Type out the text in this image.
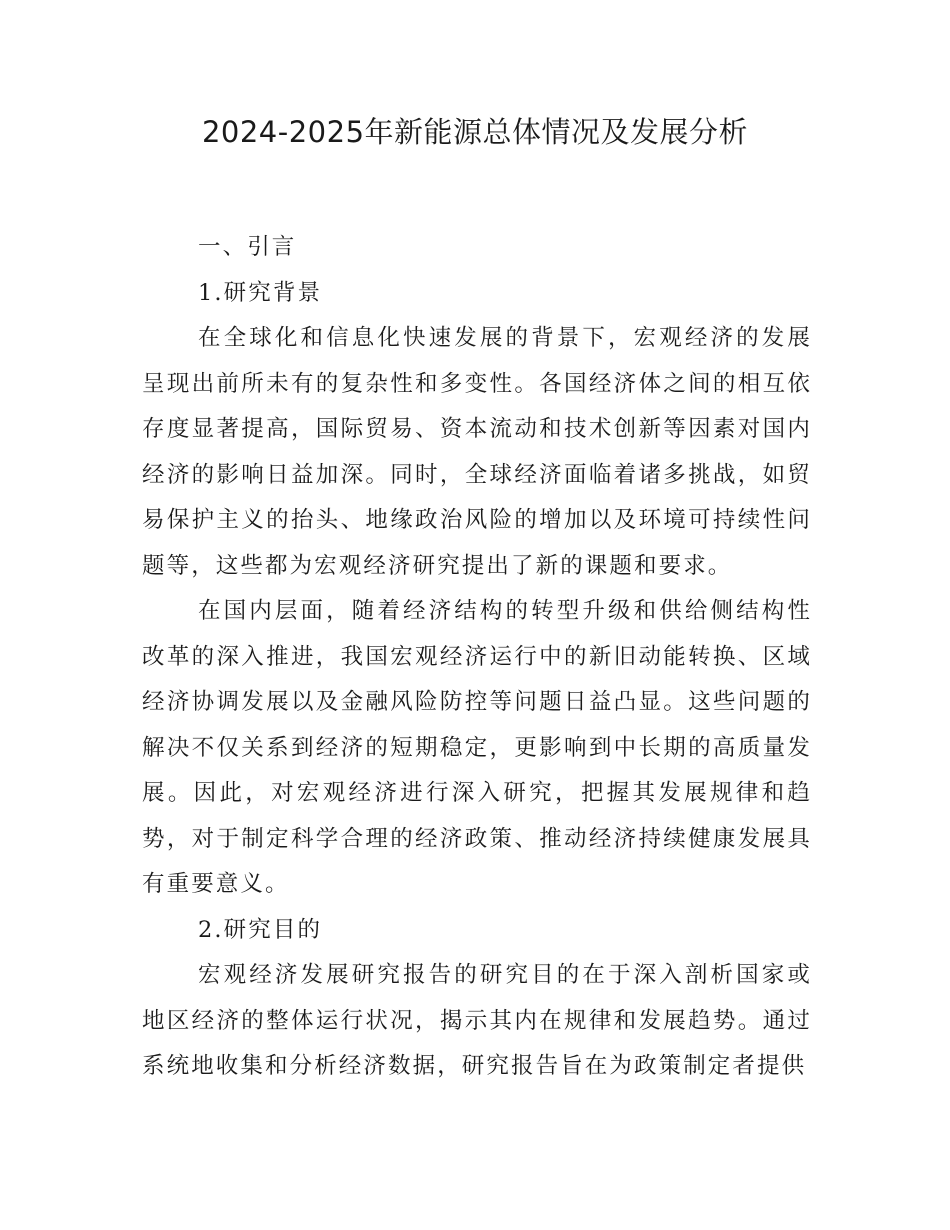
2024-2025年新能源总体情况及发展分析

一、引言

1.研究背景

在全球化和信息化快速发展的背景下，宏观经济的发展呈现出前所未有的复杂性和多变性。各国经济体之间的相互依存度显著提高，国际贸易、资本流动和技术创新等因素对国内经济的影响日益加深。同时，全球经济面临着诸多挑战，如贸易保护主义的抬头、地缘政治风险的增加以及环境可持续性问题等，这些都为宏观经济研究提出了新的课题和要求。

在国内层面，随着经济结构的转型升级和供给侧结构性改革的深入推进，我国宏观经济运行中的新旧动能转换、区域经济协调发展以及金融风险防控等问题日益凸显。这些问题的解决不仅关系到经济的短期稳定，更影响到中长期的高质量发展。因此，对宏观经济进行深入研究，把握其发展规律和趋势，对于制定科学合理的经济政策、推动经济持续健康发展具有重要意义。

2.研究目的

宏观经济发展研究报告的研究目的在于深入剖析国家或地区经济的整体运行状况，揭示其内在规律和发展趋势。通过系统地收集和分析经济数据，研究报告旨在为政策制定者提供
